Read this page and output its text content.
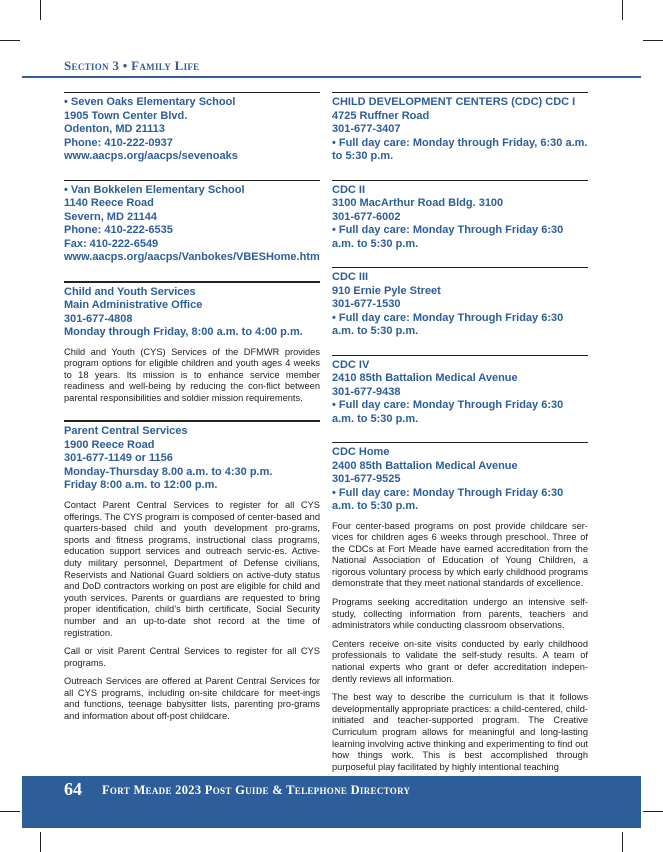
Section 3 • Family Life
• Seven Oaks Elementary School
1905 Town Center Blvd.
Odenton, MD 21113
Phone: 410-222-0937
www.aacps.org/aacps/sevenoaks
• Van Bokkelen Elementary School
1140 Reece Road
Severn, MD 21144
Phone: 410-222-6535
Fax: 410-222-6549
www.aacps.org/aacps/Vanbokes/VBESHome.htm
Child and Youth Services
Main Administrative Office
301-677-4808
Monday through Friday, 8:00 a.m. to 4:00 p.m.

Child and Youth (CYS) Services of the DFMWR provides program options for eligible children and youth ages 4 weeks to 18 years. Its mission is to enhance service member readiness and well-being by reducing the con-flict between parental responsibilities and soldier mission requirements.

Parent Central Services
1900 Reece Road
301-677-1149 or 1156
Monday-Thursday 8.00 a.m. to 4:30 p.m.
Friday 8:00 a.m. to 12:00 p.m.

Contact Parent Central Services to register for all CYS offerings. The CYS program is composed of center-based and quarters-based child and youth development pro-grams, sports and fitness programs, instructional class programs, education support services and outreach servic-es. Active-duty military personnel, Department of Defense civilians, Reservists and National Guard soldiers on active-duty status and DoD contractors working on post are eligible for child and youth services. Parents or guardians are requested to bring proper identification, child’s birth certificate, Social Security number and an up-to-date shot record at the time of registration.

Call or visit Parent Central Services to register for all CYS programs.

Outreach Services are offered at Parent Central Services for all CYS programs, including on-site childcare for meet-ings and functions, teenage babysitter lists, parenting pro-grams and information about off-post childcare.

CHILD DEVELOPMENT CENTERS (CDC) CDC I
4725 Ruffner Road
301-677-3407
• Full day care: Monday through Friday, 6:30 a.m. to 5:30 p.m.
CDC II
3100 MacArthur Road Bldg. 3100
301-677-6002
• Full day care: Monday Through Friday 6:30 a.m. to 5:30 p.m.
CDC III
910 Ernie Pyle Street
301-677-1530
• Full day care: Monday Through Friday 6:30 a.m. to 5:30 p.m.
CDC IV
2410 85th Battalion Medical Avenue
301-677-9438
• Full day care: Monday Through Friday 6:30 a.m. to 5:30 p.m.
CDC Home
2400 85th Battalion Medical Avenue
301-677-9525
• Full day care: Monday Through Friday 6:30 a.m. to 5:30 p.m.

Four center-based programs on post provide childcare ser-vices for children ages 6 weeks through preschool. Three of the CDCs at Fort Meade have earned accreditation from the National Association of Education of Young Children, a rigorous voluntary process by which early childhood programs demonstrate that they meet national standards of excellence.

Programs seeking accreditation undergo an intensive self-study, collecting information from parents, teachers and administrators while conducting classroom observations.

Centers receive on-site visits conducted by early childhood professionals to validate the self-study results. A team of national experts who grant or defer accreditation indepen-dently reviews all information.

The best way to describe the curriculum is that it follows developmentally appropriate practices: a child-centered, child-initiated and teacher-supported program. The Creative Curriculum program allows for meaningful and long-lasting learning involving active thinking and experimenting to find out how things work. This is best accomplished through purposeful play facilitated by highly intentional teaching

64 Fort Meade 2023 Post Guide & Telephone Directory
